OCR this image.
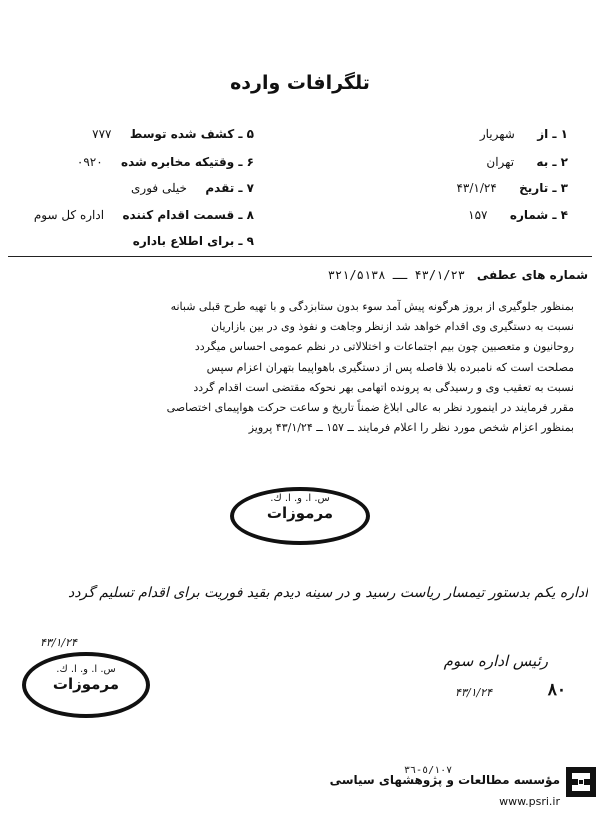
تلگرافات وارده
۱ ـ از  شهریار
۲ ـ به  تهران
۳ ـ تاریخ  ۴۳/۱/۲۴
۴ ـ شماره  ۱۵۷
۵ ـ کشف شده توسط  ۷۷۷
۶ ـ وقتیکه مخابره شده  ۰۹۲۰
۷ ـ تقدم  خیلی فوری
۸ ـ قسمت اقدام کننده  اداره کل سوم
۹ ـ برای اطلاع باداره
شماره های عطفی ۴۳/۱/۲۳ ــ ۳۲۱/۵۱۳۸

بمنظور جلوگیری از بروز هرگونه پیش آمد سوء بدون ستابزدگی و با تهیه طرح قبلی شبانه

نسبت به دستگیری وی اقدام خواهد شد ازنظر وجاهت و نفوذ وی در بین بازاریان

روحانیون و متعصبین چون بیم اجتماعات و اختلالاتی در نظم عمومی احساس میگردد

مصلحت است که نامبرده بلا فاصله پس از دستگیری باهواپیما بتهران اعزام سپس

نسبت به تعقیب وی و رسیدگی به پرونده اتهامی بهر نحوکه مقتضی است اقدام گردد

مقرر فرمایند در اینمورد نظر به عالی ابلاغ ضمناً تاریخ و ساعت حرکت هواپیمای اختصاصی

بمنظور اعزام شخص مورد نظر را اعلام فرمایند ــ ۱۵۷ ــ ۴۳/۱/۲۴ پرویز

س. ا. و. ا. ك.
مرموزات
اداره یکم بدستور تیمسار ریاست رسید و در سینه دیدم بقید فوریت برای اقدام تسلیم گردد
۴۳/۱/۲۴
س. ا. و. ا. ك.
مرموزات
رئیس اداره سوم
۸۰
۴۳/۱/۲۴
٥/١٠٧-٣٦
مؤسسه مطالعات و پژوهشهای سیاسی
www.psri.ir
